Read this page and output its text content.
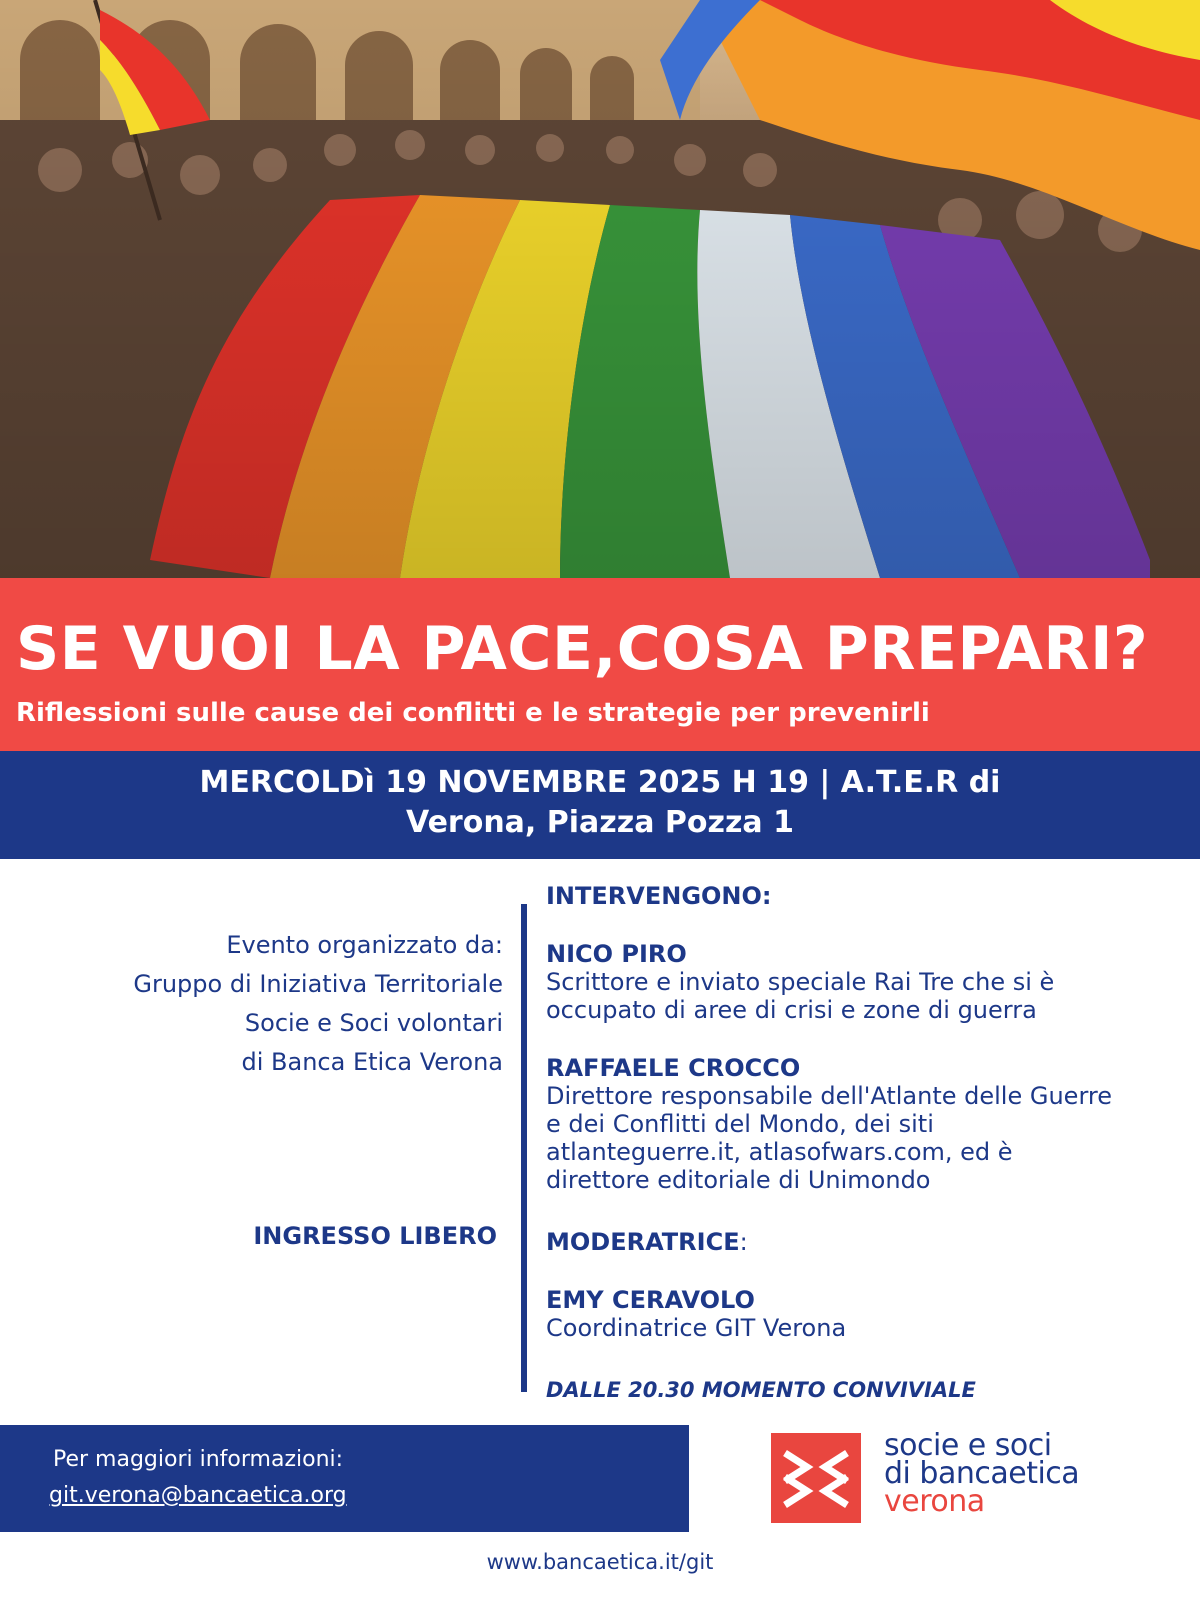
SE VUOI LA PACE,COSA PREPARI?
Riflessioni sulle cause dei conflitti e le strategie per prevenirli
MERCOLDì 19 NOVEMBRE 2025 H 19 | A.T.E.R di
Verona, Piazza Pozza 1
Evento organizzato da:
Gruppo di Iniziativa Territoriale
Socie e Soci volontari
di Banca Etica Verona
INGRESSO LIBERO
INTERVENGONO:
NICO PIRO
Scrittore e inviato speciale Rai Tre che si è
occupato di aree di crisi e zone di guerra
RAFFAELE CROCCO
Direttore responsabile dell'Atlante delle Guerre
e dei Conflitti del Mondo, dei siti
atlanteguerre.it, atlasofwars.com, ed è
direttore editoriale di Unimondo
MODERATRICE:
EMY CERAVOLO
Coordinatrice GIT Verona
DALLE 20.30 MOMENTO CONVIVIALE
Per maggiori informazioni:
git.verona@bancaetica.org
socie e soci
di bancaetica
verona
www.bancaetica.it/git
